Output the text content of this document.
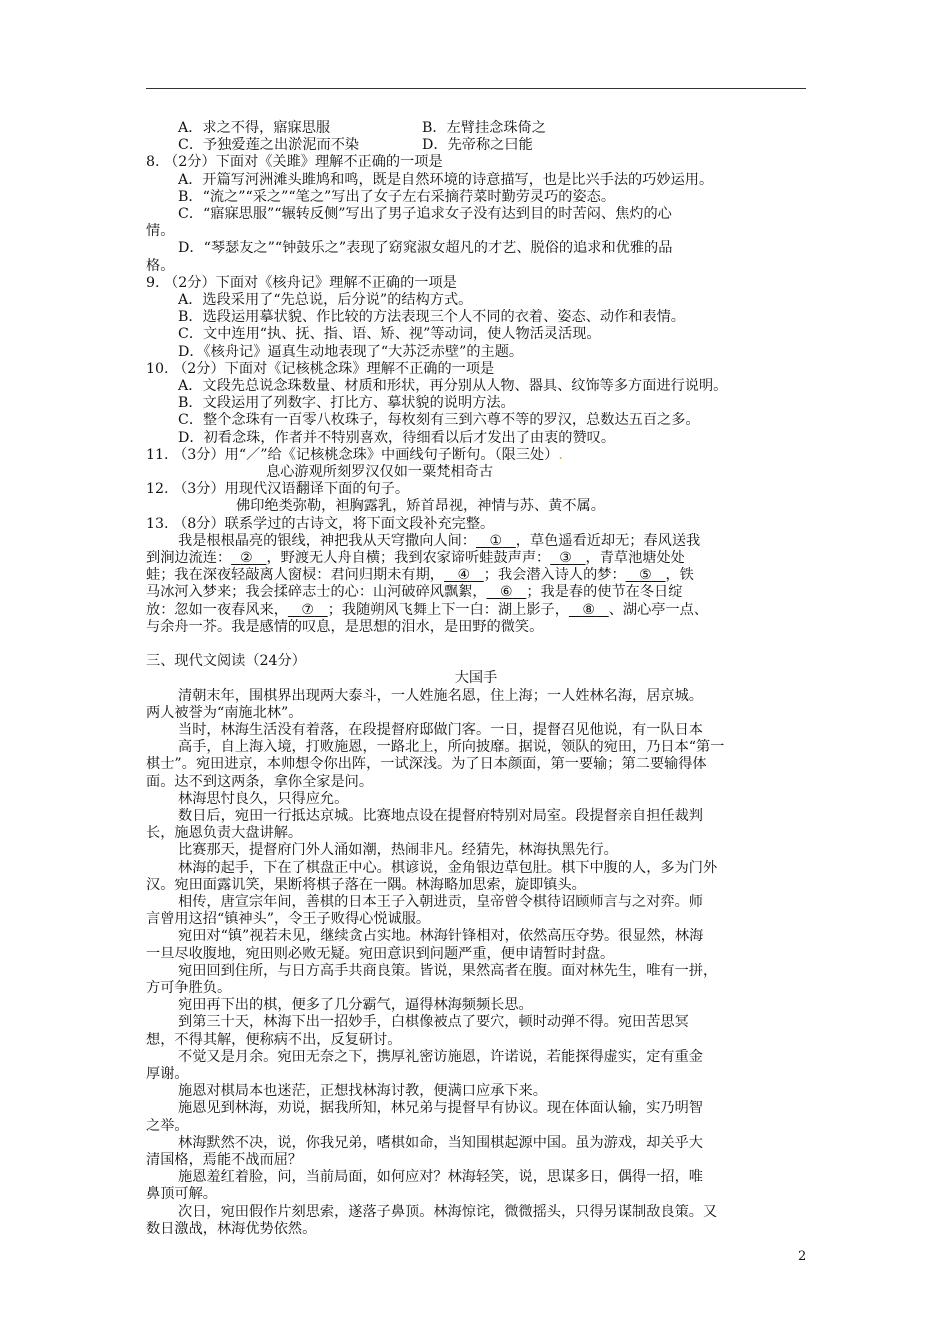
A．求之不得，寤寐思服	B．左臂挂念珠倚之
C．予独爱莲之出淤泥而不染	D．先帝称之曰能
8. （2分）下面对《关雎》理解不正确的一项是
A．开篇写河洲滩头雎鸠和鸣，既是自然环境的诗意描写，也是比兴手法的巧妙运用。
B．“流之”“采之”“笔之”写出了女子左右采摘荇菜时勤劳灵巧的姿态。
C．“寤寐思服”“辗转反侧”写出了男子追求女子没有达到目的时苦闷、焦灼的心
情。
D．“琴瑟友之”“钟鼓乐之”表现了窈窕淑女超凡的才艺、脱俗的追求和优雅的品
格。
9. （2分）下面对《核舟记》理解不正确的一项是
A．选段采用了“先总说，后分说”的结构方式。
B．选段运用摹状貌、作比较的方法表现三个人不同的衣着、姿态、动作和表情。
C．文中连用“执、抚、指、语、矫、视”等动词，使人物活灵活现。
D．《核舟记》逼真生动地表现了“大苏泛赤壁”的主题。
10. （2分）下面对《记核桃念珠》理解不正确的一项是
A．文段先总说念珠数量、材质和形状，再分别从人物、器具、纹饰等多方面进行说明。
B．文段运用了列数字、打比方、摹状貌的说明方法。
C．整个念珠有一百零八枚珠子，每枚刻有三到六尊不等的罗汉，总数达五百之多。
D．初看念珠，作者并不特别喜欢，待细看以后才发出了由衷的赞叹。
11. （3分）用“／”给《记核桃念珠》中画线句子断句。（限三处）.
息心游观所刻罗汉仅如一粟梵相奇古
12. （3分）用现代汉语翻译下面的句子。
佛印绝类弥勒，袒胸露乳，矫首昂视，神情与苏、黄不属。
13. （8分）联系学过的古诗文，将下面文段补充完整。
我是根根晶亮的银线，神把我从天穹撒向人间： ① ，草色遥看近却无；春风送我
到涧边流连： ② ，野渡无人舟自横；我到农家谛听蛙鼓声声： ③ ，青草池塘处处
蛙；我在深夜轻敲离人窗棂：君问归期未有期， ④ ；我会潜入诗人的梦： ⑤ ，铁
马冰河入梦来；我会揉碎志士的心：山河破碎风飘絮， ⑥ ；我是春的使节在冬日绽
放：忽如一夜春风来， ⑦ ；我随朔风飞舞上下一白：湖上影子， ⑧ 、湖心亭一点、
与余舟一芥。我是感情的叹息，是思想的泪水，是田野的微笑。
三、现代文阅读（24分）
大国手
清朝末年，围棋界出现两大泰斗，一人姓施名恩，住上海；一人姓林名海，居京城。
两人被誉为“南施北林”。
当时，林海生活没有着落，在段提督府邸做门客。一日，提督召见他说，有一队日本
高手，自上海入境，打败施恩，一路北上，所向披靡。据说，领队的宛田，乃日本“第一
棋士”。宛田进京，本帅想令你出阵，一试深浅。为了日本颜面，第一要输；第二要输得体
面。达不到这两条，拿你全家是问。
林海思忖良久，只得应允。
数日后，宛田一行抵达京城。比赛地点设在提督府特别对局室。段提督亲自担任裁判
长，施恩负责大盘讲解。
比赛那天，提督府门外人涌如潮，热闹非凡。经猜先，林海执黑先行。
林海的起手，下在了棋盘正中心。棋谚说，金角银边草包肚。棋下中腹的人，多为门外
汉。宛田面露讥笑，果断将棋子落在一隅。林海略加思索，旋即镇头。
相传，唐宣宗年间，善棋的日本王子入朝进贡，皇帝曾令棋待诏顾师言与之对弈。师
言曾用这招“镇神头”，令王子败得心悦诚服。
宛田对“镇”视若未见，继续贪占实地。林海针锋相对，依然高压夺势。很显然，林海
一旦尽收腹地，宛田则必败无疑。宛田意识到问题严重，便申请暂时封盘。
宛田回到住所，与日方高手共商良策。皆说，果然高者在腹。面对林先生，唯有一拼，
方可争胜负。
宛田再下出的棋，便多了几分霸气，逼得林海频频长思。
到第三十天，林海下出一招妙手，白棋像被点了要穴，顿时动弹不得。宛田苦思冥
想，不得其解，便称病不出，反复研讨。
不觉又是月余。宛田无奈之下，携厚礼密访施恩，许诺说，若能探得虚实，定有重金
厚谢。
施恩对棋局本也迷茫，正想找林海讨教，便满口应承下来。
施恩见到林海，劝说，据我所知，林兄弟与提督早有协议。现在体面认输，实乃明智
之举。
林海默然不决，说，你我兄弟，嗜棋如命，当知围棋起源中国。虽为游戏，却关乎大
清国格，焉能不战而屈？
施恩羞红着脸，问，当前局面，如何应对？林海轻笑，说，思谋多日，偶得一招，唯
鼻顶可解。
次日，宛田假作片刻思索，遂落子鼻顶。林海惊诧，微微摇头，只得另谋制敌良策。又
数日激战，林海优势依然。
2
